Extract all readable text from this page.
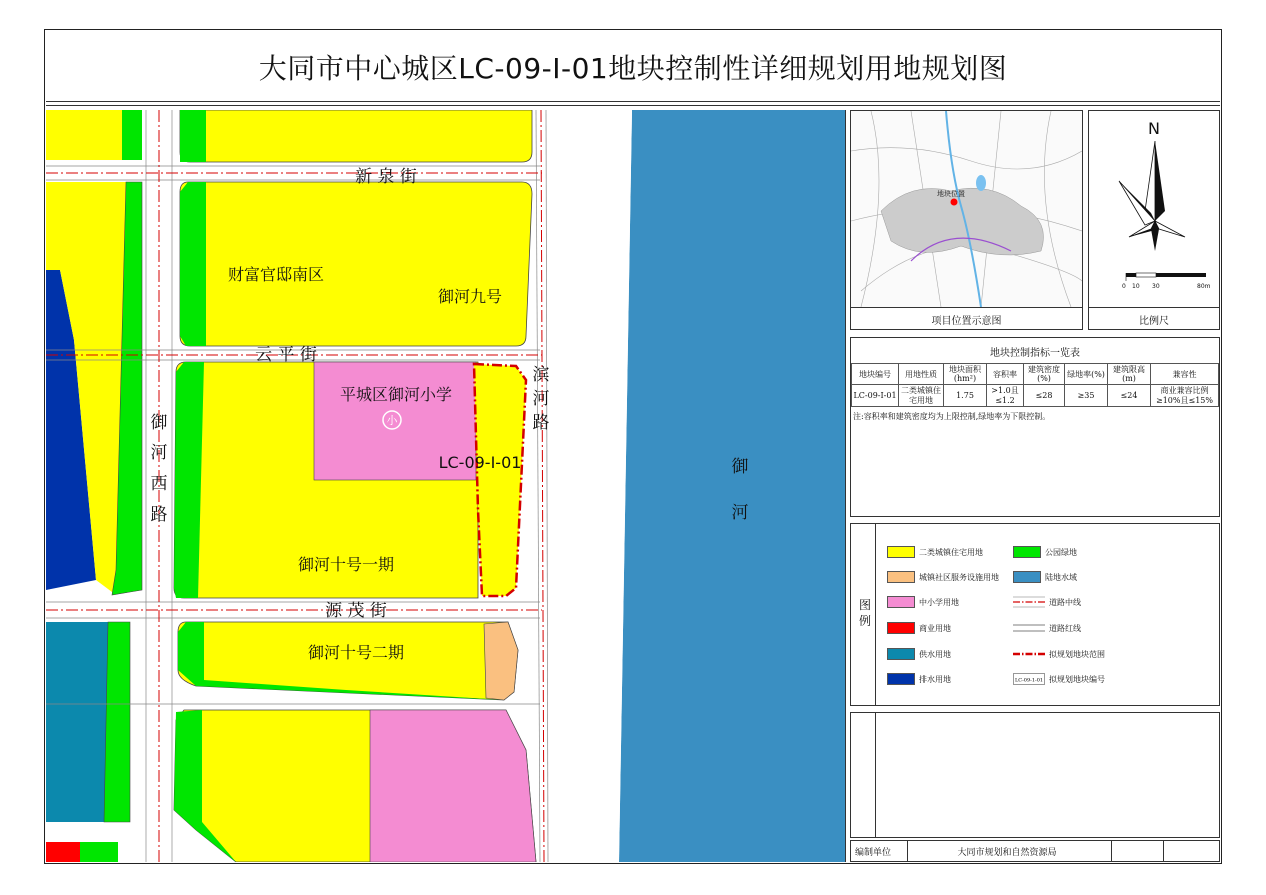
大同市中心城区LC-09-I-01地块控制性详细规划用地规划图
新 泉 街
云 平 街
源 茂 街
滨
河
路
御
河
西
路
御
河
财富官邸南区
御河九号
平城区御河小学
小
LC-09-I-01
御河十号一期
御河十号二期
地块位置
项目位置示意图
N
0 10 30	80m
比例尺
地块控制指标一览表
地块编号	用地性质	地块面积(hm²)	容积率	建筑密度(%)	绿地率(%)	建筑限高(m)	兼容性
LC-09-I-01	二类城镇住宅用地	1.75	>1.0且≤1.2	≤28	≥35	≤24	商业兼容比例≥10%且≤15%
注:容积率和建筑密度均为上限控制,绿地率为下限控制。
图
例
二类城镇住宅用地	公园绿地
城镇社区服务设施用地	陆地水域
中小学用地	道路中线
商业用地	道路红线
供水用地	拟规划地块范围
排水用地	LC-09-1-01 拟规划地块编号
编制单位	大同市规划和自然资源局
